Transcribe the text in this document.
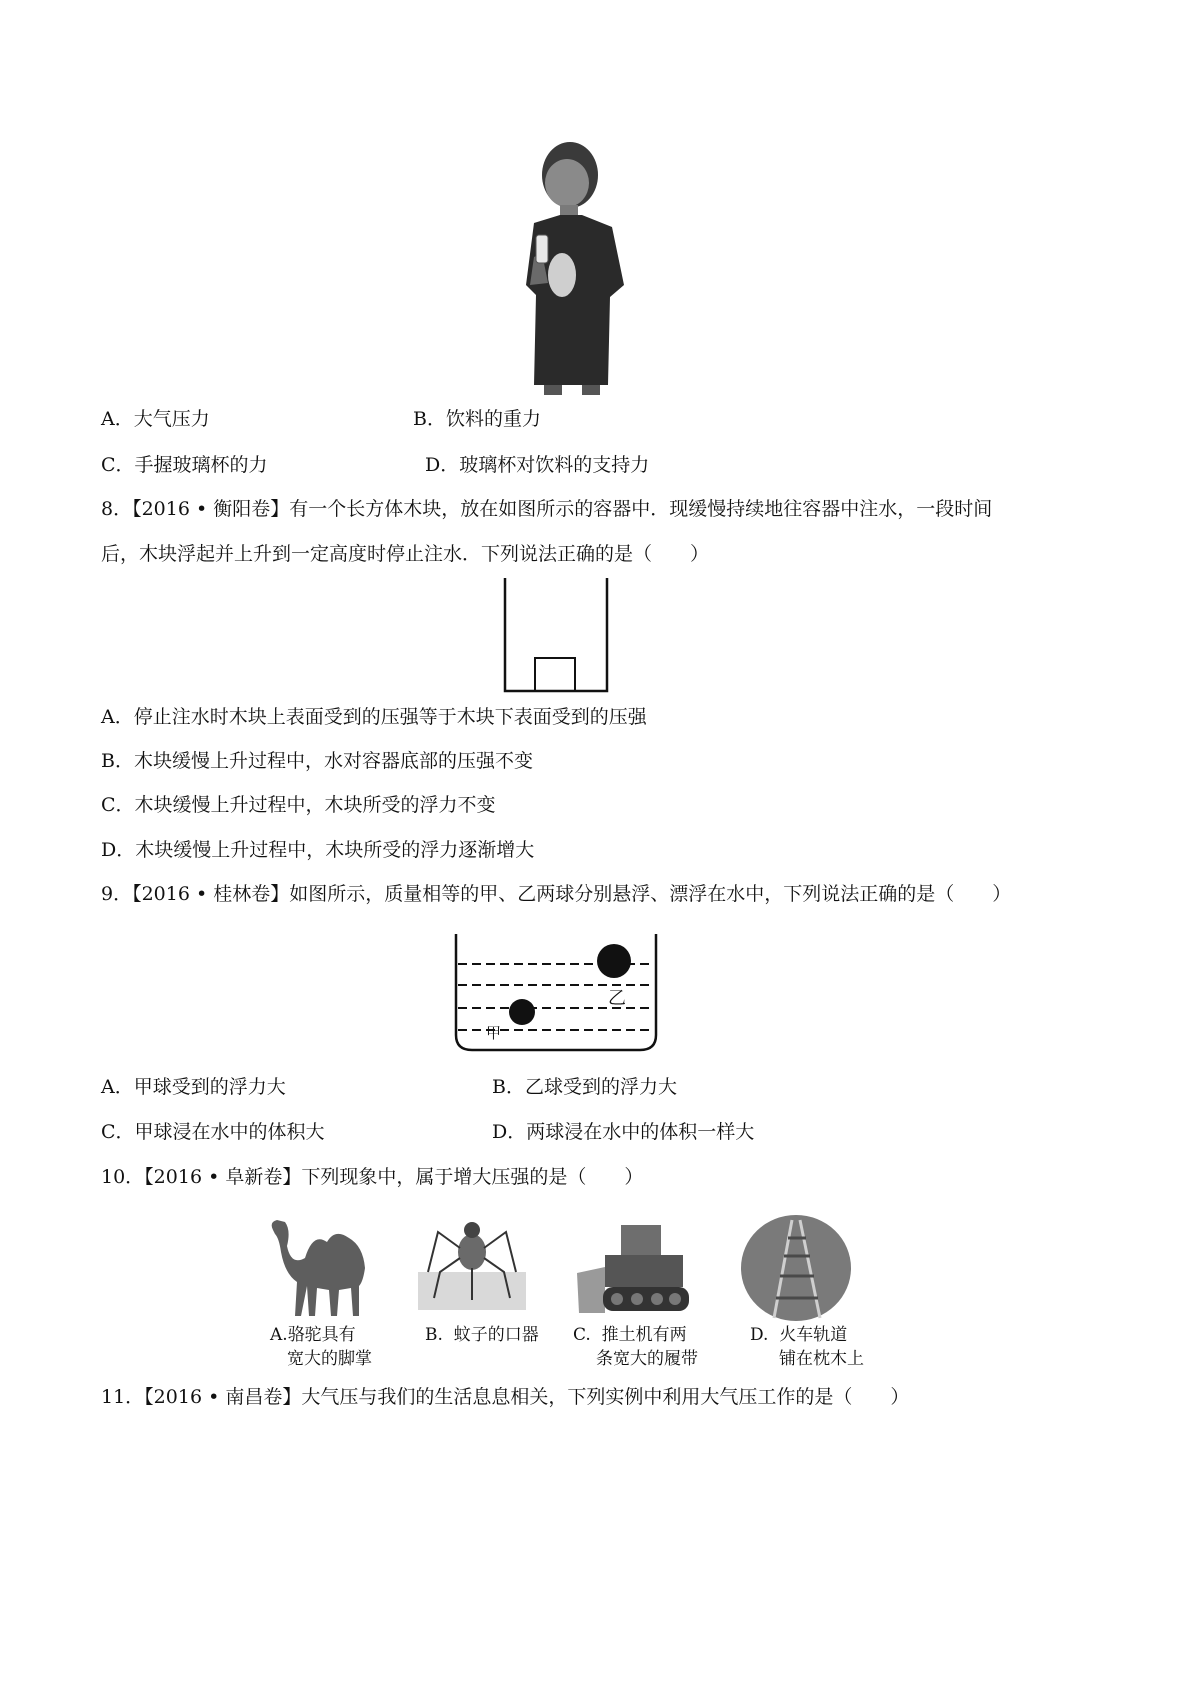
A．大气压力	B．饮料的重力
C．手握玻璃杯的力	D．玻璃杯对饮料的支持力
8．【2016 • 衡阳卷】有一个长方体木块，放在如图所示的容器中．现缓慢持续地往容器中注水，一段时间
后，木块浮起并上升到一定高度时停止注水．下列说法正确的是（　　）
A．停止注水时木块上表面受到的压强等于木块下表面受到的压强
B．木块缓慢上升过程中，水对容器底部的压强不变
C．木块缓慢上升过程中，木块所受的浮力不变
D．木块缓慢上升过程中，木块所受的浮力逐渐增大
9．【2016 • 桂林卷】如图所示，质量相等的甲、乙两球分别悬浮、漂浮在水中，下列说法正确的是（　　）
乙
甲
A．甲球受到的浮力大	B．乙球受到的浮力大
C．甲球浸在水中的体积大	D．两球浸在水中的体积一样大
10．【2016 • 阜新卷】下列现象中，属于增大压强的是（　　）
A.骆驼具有
宽大的脚掌
B. 蚊子的口器 C. 推土机有两
条宽大的履带
D. 火车轨道
铺在枕木上
11．【2016 • 南昌卷】大气压与我们的生活息息相关，下列实例中利用大气压工作的是（　　）
